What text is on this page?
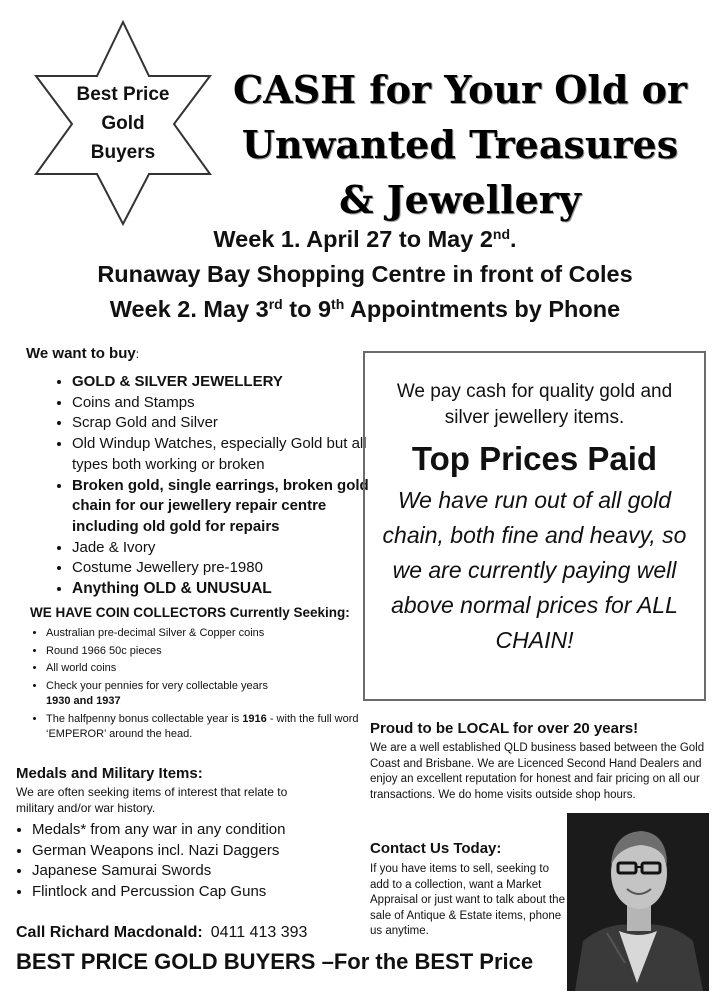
Best Price
Gold
Buyers
CASH for Your Old or
Unwanted Treasures
& Jewellery
Week 1. April 27 to May 2nd.
Runaway Bay Shopping Centre in front of Coles
Week 2. May 3rd to 9th Appointments by Phone
We want to buy:
• GOLD & SILVER JEWELLERY
• Coins and Stamps
• Scrap Gold and Silver
• Old Windup Watches, especially Gold but all types both working or broken
• Broken gold, single earrings, broken gold chain for our jewellery repair centre including old gold for repairs
• Jade & Ivory
• Costume Jewellery pre-1980
• Anything OLD & UNUSUAL
WE HAVE COIN COLLECTORS Currently Seeking:
• Australian pre-decimal Silver & Copper coins
• Round 1966 50c pieces
• All world coins
• Check your pennies for very collectable years
1930 and 1937
• The halfpenny bonus collectable year is 1916 - with the full word ‘EMPEROR’ around the head.
Medals and Military Items:
We are often seeking items of interest that relate to military and/or war history.
• Medals* from any war in any condition
• German Weapons incl. Nazi Daggers
• Japanese Samurai Swords
• Flintlock and Percussion Cap Guns
Call Richard Macdonald: 0411 413 393
BEST PRICE GOLD BUYERS –For the BEST Price
We pay cash for quality gold and silver jewellery items.
Top Prices Paid
We have run out of all gold chain, both fine and heavy, so we are currently paying well above normal prices for ALL CHAIN!
Proud to be LOCAL for over 20 years!
We are a well established QLD business based between the Gold Coast and Brisbane. We are Licenced Second Hand Dealers and enjoy an excellent reputation for honest and fair pricing on all our transactions. We do home visits outside shop hours.
Contact Us Today:
If you have items to sell, seeking to add to a collection, want a Market Appraisal or just want to talk about the sale of Antique & Estate items, phone us anytime.
